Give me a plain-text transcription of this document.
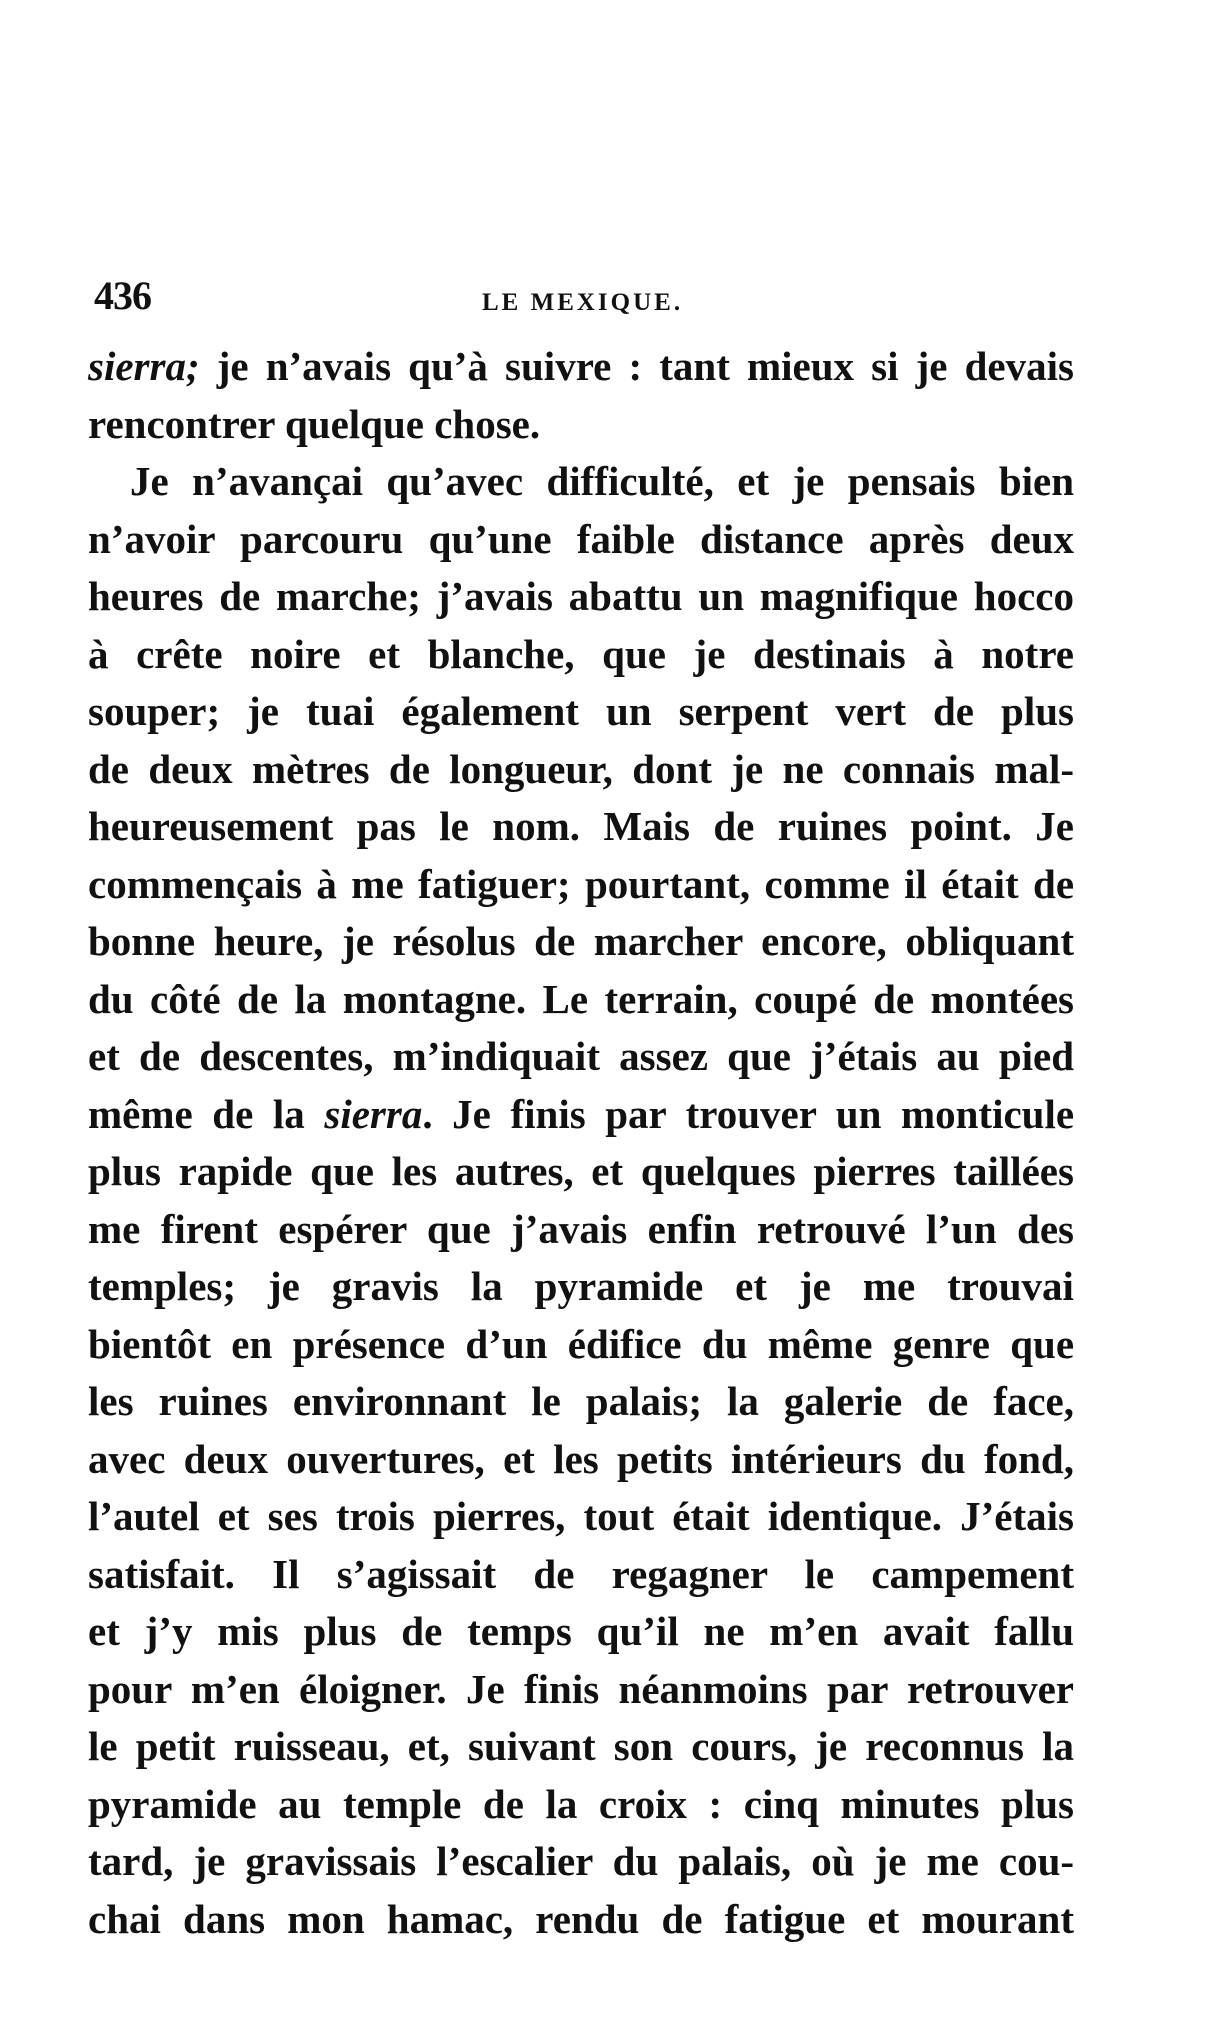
436	LE MEXIQUE.
sierra; je n’avais qu’à suivre : tant mieux si je devais
rencontrer quelque chose.
Je n’avançai qu’avec difficulté, et je pensais bien
n’avoir parcouru qu’une faible distance après deux
heures de marche; j’avais abattu un magnifique hocco
à crête noire et blanche, que je destinais à notre
souper; je tuai également un serpent vert de plus
de deux mètres de longueur, dont je ne connais mal-
heureusement pas le nom. Mais de ruines point. Je
commençais à me fatiguer; pourtant, comme il était de
bonne heure, je résolus de marcher encore, obliquant
du côté de la montagne. Le terrain, coupé de montées
et de descentes, m’indiquait assez que j’étais au pied
même de la sierra. Je finis par trouver un monticule
plus rapide que les autres, et quelques pierres taillées
me firent espérer que j’avais enfin retrouvé l’un des
temples; je gravis la pyramide et je me trouvai
bientôt en présence d’un édifice du même genre que
les ruines environnant le palais; la galerie de face,
avec deux ouvertures, et les petits intérieurs du fond,
l’autel et ses trois pierres, tout était identique. J’étais
satisfait. Il s’agissait de regagner le campement
et j’y mis plus de temps qu’il ne m’en avait fallu
pour m’en éloigner. Je finis néanmoins par retrouver
le petit ruisseau, et, suivant son cours, je reconnus la
pyramide au temple de la croix : cinq minutes plus
tard, je gravissais l’escalier du palais, où je me cou-
chai dans mon hamac, rendu de fatigue et mourant
